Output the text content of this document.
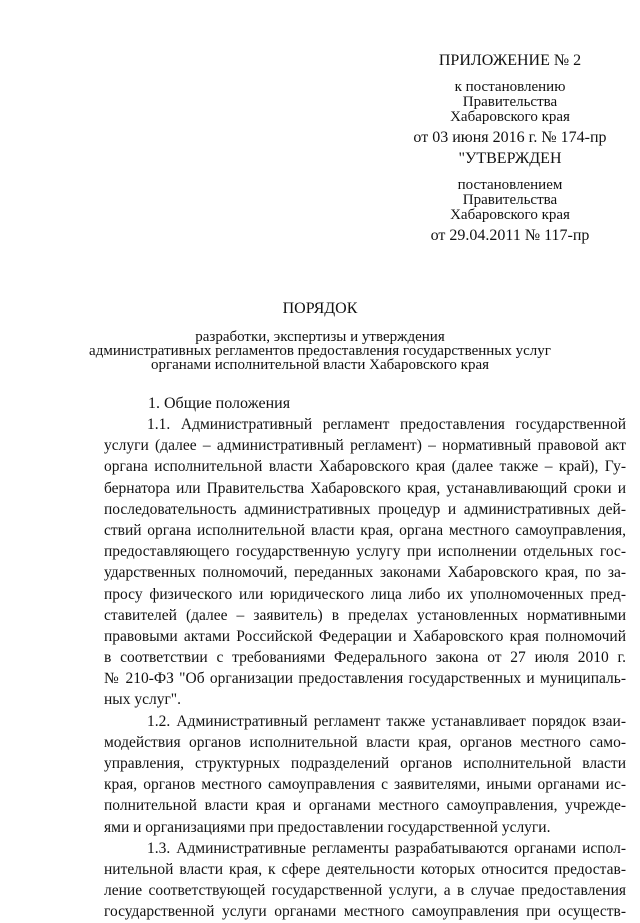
ПРИЛОЖЕНИЕ № 2
к постановлению
Правительства
Хабаровского края
от 03 июня 2016 г. № 174-пр
"УТВЕРЖДЕН
постановлением
Правительства
Хабаровского края
от 29.04.2011 № 117-пр
ПОРЯДОК
разработки, экспертизы и утверждения
административных регламентов предоставления государственных услуг
органами исполнительной власти Хабаровского края
1. Общие положения
1.1. Административный регламент предоставления государственной
услуги (далее – административный регламент) – нормативный правовой акт
органа исполнительной власти Хабаровского края (далее также – край), Гу-
бернатора или Правительства Хабаровского края, устанавливающий сроки и
последовательность административных процедур и административных дей-
ствий органа исполнительной власти края, органа местного самоуправления,
предоставляющего государственную услугу при исполнении отдельных гос-
ударственных полномочий, переданных законами Хабаровского края, по за-
просу физического или юридического лица либо их уполномоченных пред-
ставителей (далее – заявитель) в пределах установленных нормативными
правовыми актами Российской Федерации и Хабаровского края полномочий
в соответствии с требованиями Федерального закона от 27 июля 2010 г.
№ 210-ФЗ "Об организации предоставления государственных и муниципаль-
ных услуг".
1.2. Административный регламент также устанавливает порядок взаи-
модействия органов исполнительной власти края, органов местного само-
управления, структурных подразделений органов исполнительной власти
края, органов местного самоуправления с заявителями, иными органами ис-
полнительной власти края и органами местного самоуправления, учрежде-
ями и организациями при предоставлении государственной услуги.
1.3. Административные регламенты разрабатываются органами испол-
нительной власти края, к сфере деятельности которых относится предостав-
ление соответствующей государственной услуги, а в случае предоставления
государственной услуги органами местного самоуправления при осуществ-
